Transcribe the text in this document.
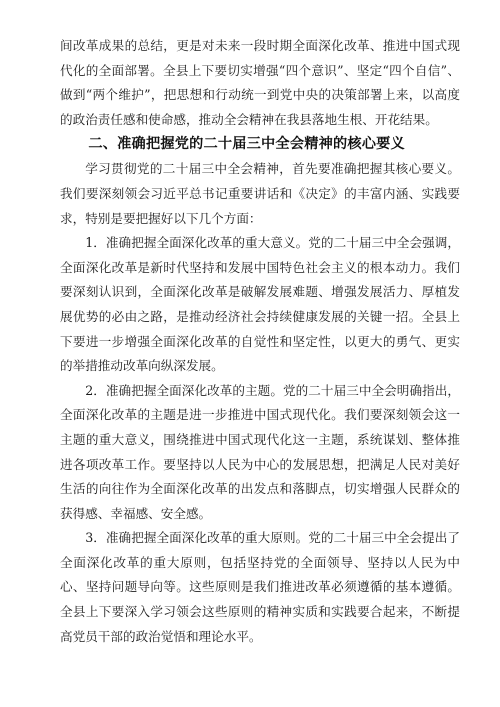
间改革成果的总结，更是对未来一段时期全面深化改革、推进中国式现代化的全面部署。全县上下要切实增强“四个意识”、坚定“四个自信”、做到“两个维护”，把思想和行动统一到党中央的决策部署上来，以高度的政治责任感和使命感，推动全会精神在我县落地生根、开花结果。

二、准确把握党的二十届三中全会精神的核心要义

学习贯彻党的二十届三中全会精神，首先要准确把握其核心要义。我们要深刻领会习近平总书记重要讲话和《决定》的丰富内涵、实践要求，特别是要把握好以下几个方面：

1．准确把握全面深化改革的重大意义。党的二十届三中全会强调，全面深化改革是新时代坚持和发展中国特色社会主义的根本动力。我们要深刻认识到，全面深化改革是破解发展难题、增强发展活力、厚植发展优势的必由之路，是推动经济社会持续健康发展的关键一招。全县上下要进一步增强全面深化改革的自觉性和坚定性，以更大的勇气、更实的举措推动改革向纵深发展。

2．准确把握全面深化改革的主题。党的二十届三中全会明确指出，全面深化改革的主题是进一步推进中国式现代化。我们要深刻领会这一主题的重大意义，围绕推进中国式现代化这一主题，系统谋划、整体推进各项改革工作。要坚持以人民为中心的发展思想，把满足人民对美好生活的向往作为全面深化改革的出发点和落脚点，切实增强人民群众的获得感、幸福感、安全感。

3．准确把握全面深化改革的重大原则。党的二十届三中全会提出了全面深化改革的重大原则，包括坚持党的全面领导、坚持以人民为中心、坚持问题导向等。这些原则是我们推进改革必须遵循的基本遵循。全县上下要深入学习领会这些原则的精神实质和实践要合起来，不断提高党员干部的政治觉悟和理论水平。
